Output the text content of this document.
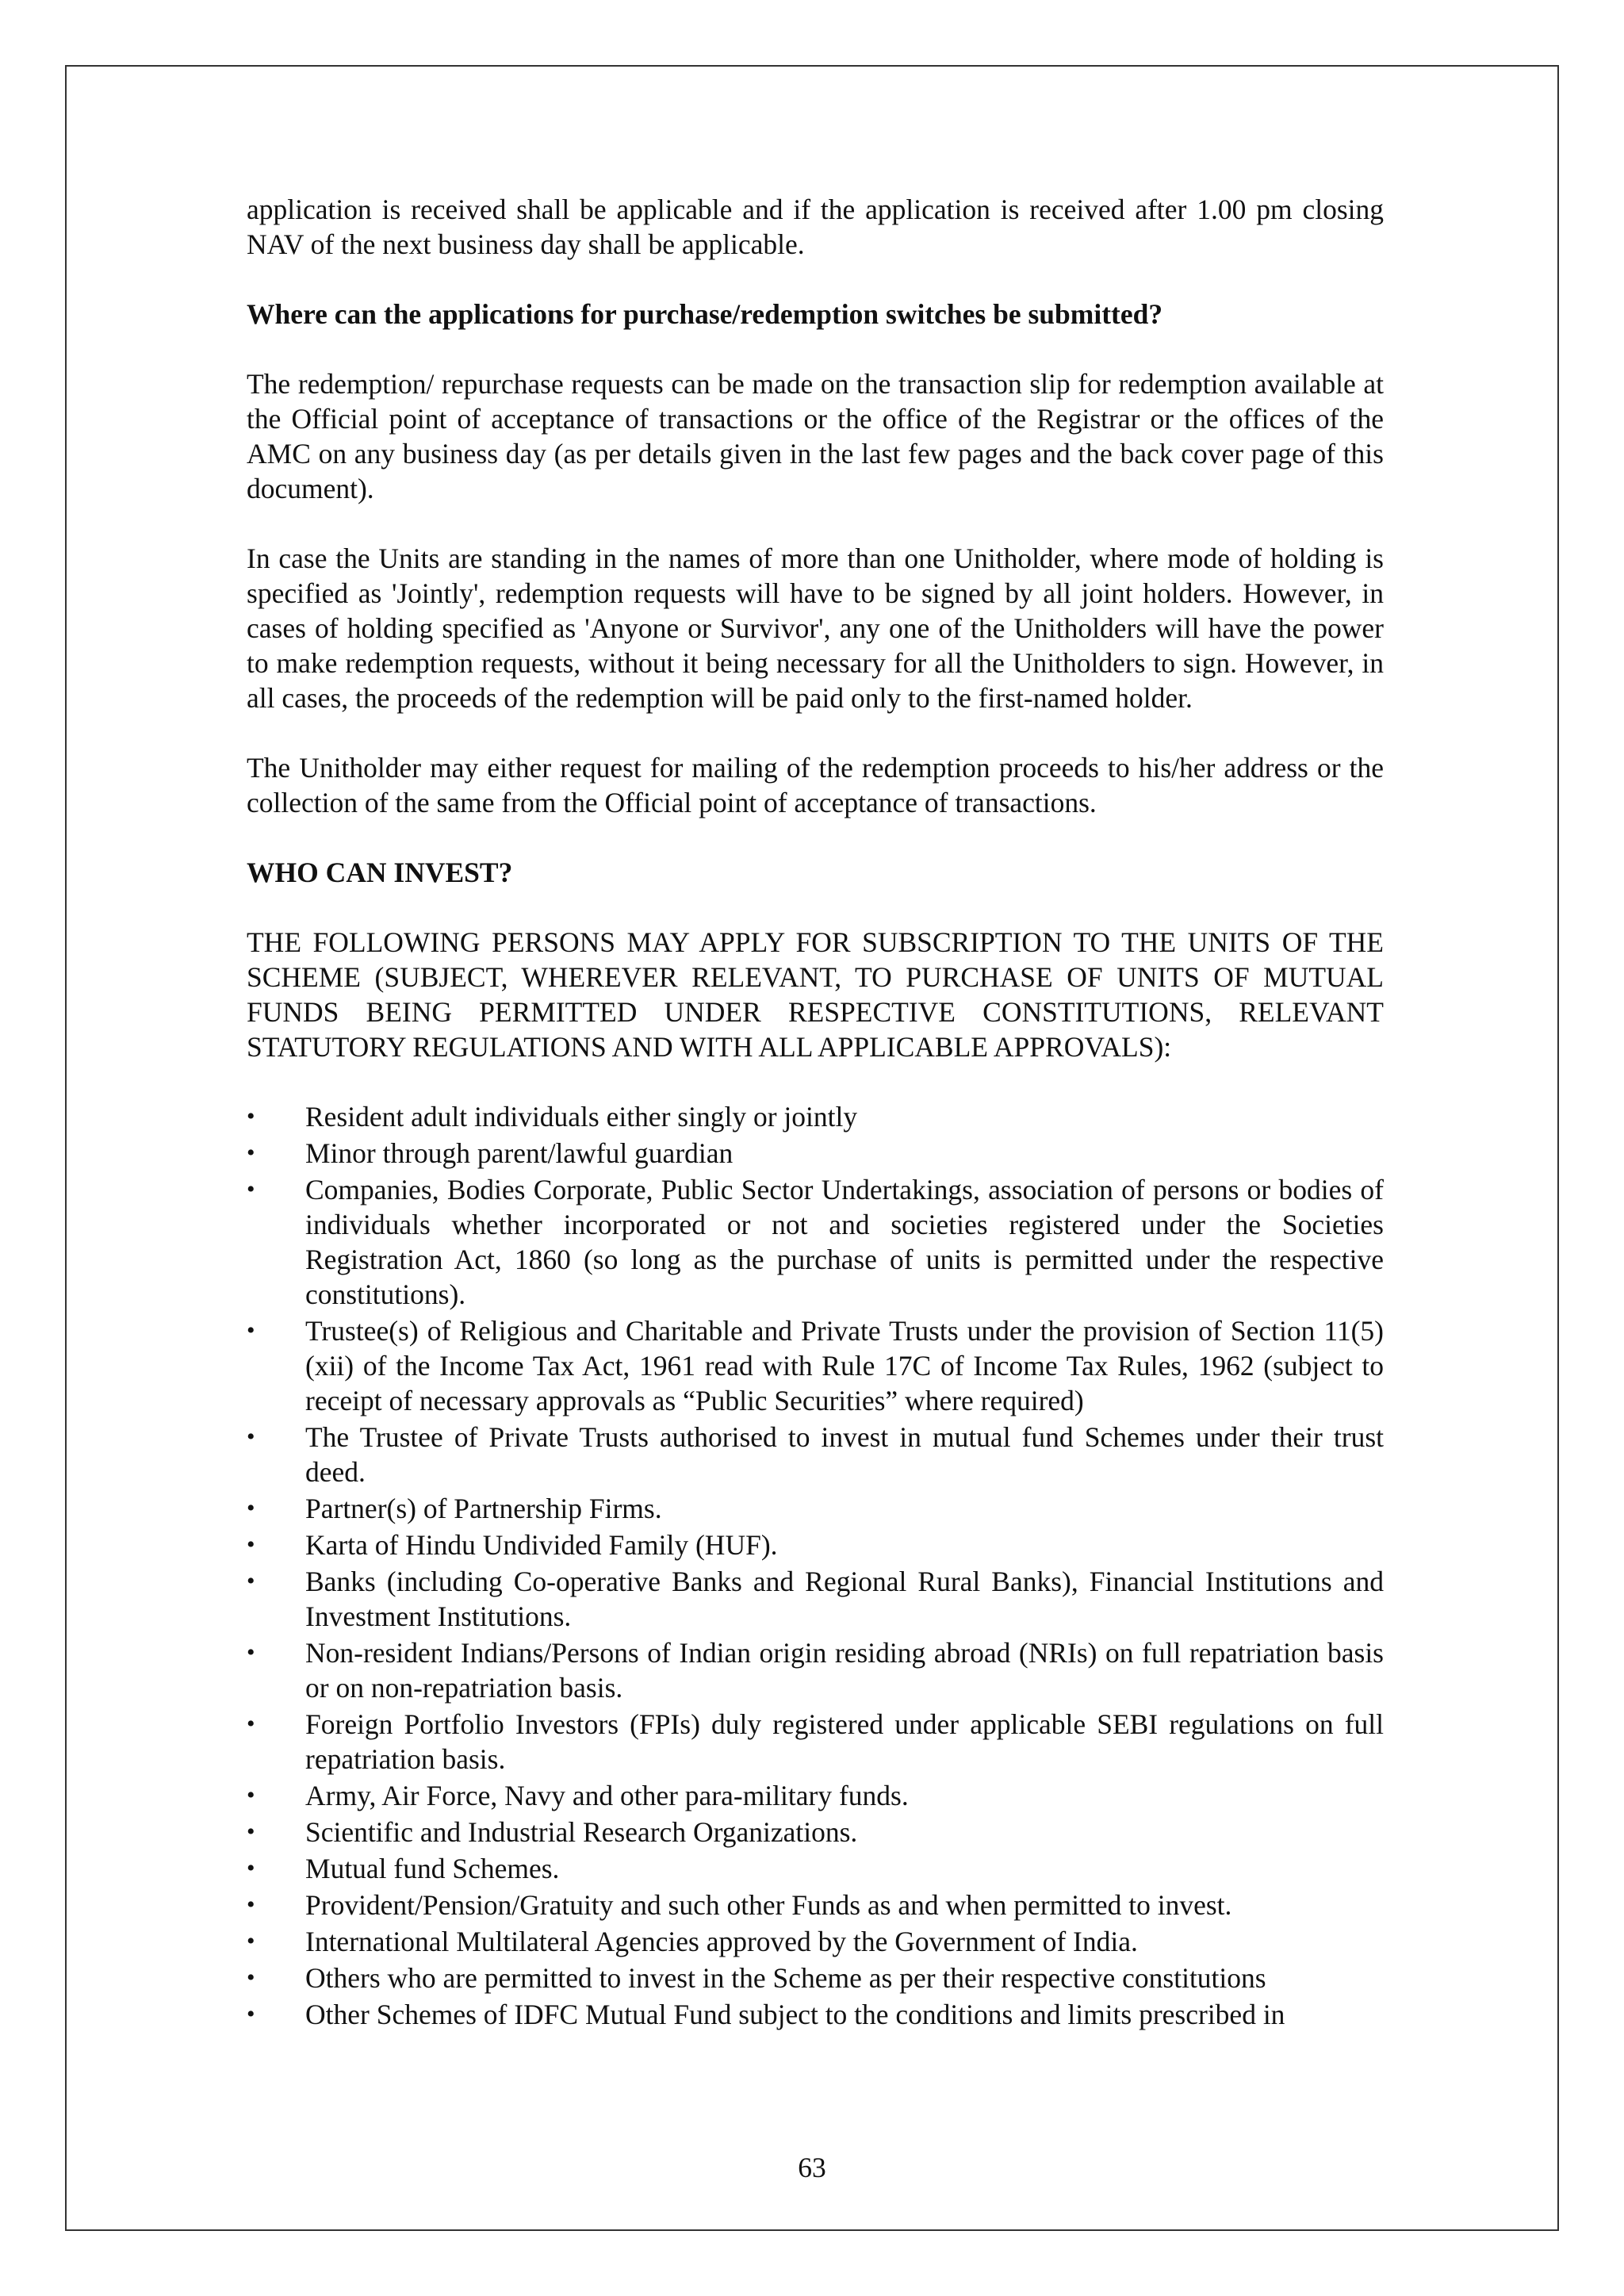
application is received shall be applicable and if the application is received after 1.00 pm closing NAV of the next business day shall be applicable.

Where can the applications for purchase/redemption switches be submitted?

The redemption/ repurchase requests can be made on the transaction slip for redemption available at the Official point of acceptance of transactions or the office of the Registrar or the offices of the AMC on any business day (as per details given in the last few pages and the back cover page of this document).

In case the Units are standing in the names of more than one Unitholder, where mode of holding is specified as 'Jointly', redemption requests will have to be signed by all joint holders. However, in cases of holding specified as 'Anyone or Survivor', any one of the Unitholders will have the power to make redemption requests, without it being necessary for all the Unitholders to sign. However, in all cases, the proceeds of the redemption will be paid only to the first-named holder.

The Unitholder may either request for mailing of the redemption proceeds to his/her address or the collection of the same from the Official point of acceptance of transactions.

WHO CAN INVEST?

THE FOLLOWING PERSONS MAY APPLY FOR SUBSCRIPTION TO THE UNITS OF THE SCHEME (SUBJECT, WHEREVER RELEVANT, TO PURCHASE OF UNITS OF MUTUAL FUNDS BEING PERMITTED UNDER RESPECTIVE CONSTITUTIONS, RELEVANT STATUTORY REGULATIONS AND WITH ALL APPLICABLE APPROVALS):

• Resident adult individuals either singly or jointly
• Minor through parent/lawful guardian
• Companies, Bodies Corporate, Public Sector Undertakings, association of persons or bodies of individuals whether incorporated or not and societies registered under the Societies Registration Act, 1860 (so long as the purchase of units is permitted under the respective constitutions).
• Trustee(s) of Religious and Charitable and Private Trusts under the provision of Section 11(5) (xii) of the Income Tax Act, 1961 read with Rule 17C of Income Tax Rules, 1962 (subject to receipt of necessary approvals as “Public Securities” where required)
• The Trustee of Private Trusts authorised to invest in mutual fund Schemes under their trust deed.
• Partner(s) of Partnership Firms.
• Karta of Hindu Undivided Family (HUF).
• Banks (including Co-operative Banks and Regional Rural Banks), Financial Institutions and Investment Institutions.
• Non-resident Indians/Persons of Indian origin residing abroad (NRIs) on full repatriation basis or on non-repatriation basis.
• Foreign Portfolio Investors (FPIs) duly registered under applicable SEBI regulations on full repatriation basis.
• Army, Air Force, Navy and other para-military funds.
• Scientific and Industrial Research Organizations.
• Mutual fund Schemes.
• Provident/Pension/Gratuity and such other Funds as and when permitted to invest.
• International Multilateral Agencies approved by the Government of India.
• Others who are permitted to invest in the Scheme as per their respective constitutions
• Other Schemes of IDFC Mutual Fund subject to the conditions and limits prescribed in
63
